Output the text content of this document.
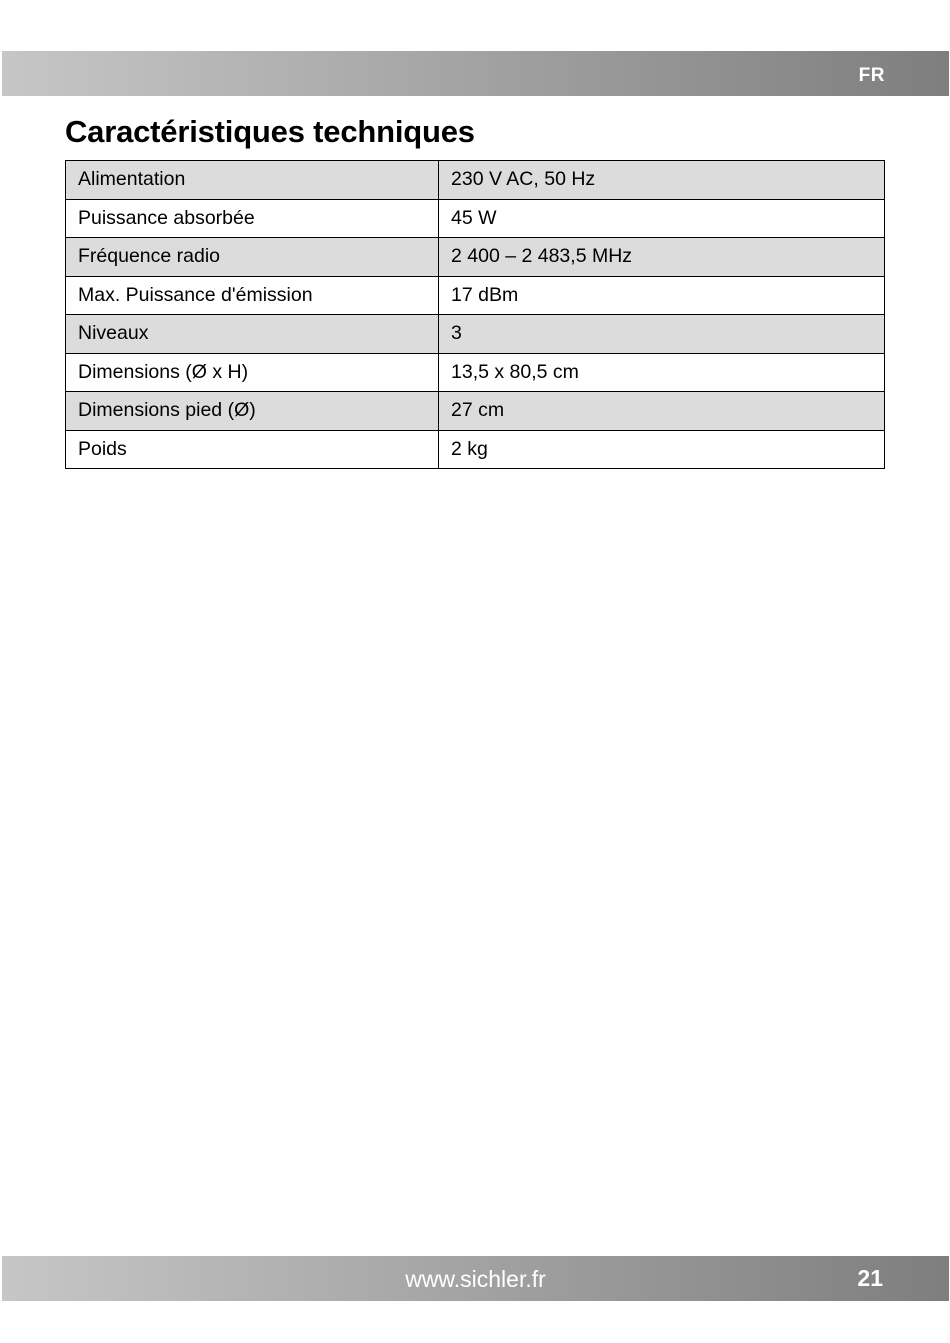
FR
Caractéristiques techniques
Alimentation	230 V AC, 50 Hz
Puissance absorbée	45 W
Fréquence radio	2 400 – 2 483,5 MHz
Max. Puissance d'émission	17 dBm
Niveaux	3
Dimensions (Ø x H)	13,5 x 80,5 cm
Dimensions pied (Ø)	27 cm
Poids	2 kg
www.sichler.fr	21
